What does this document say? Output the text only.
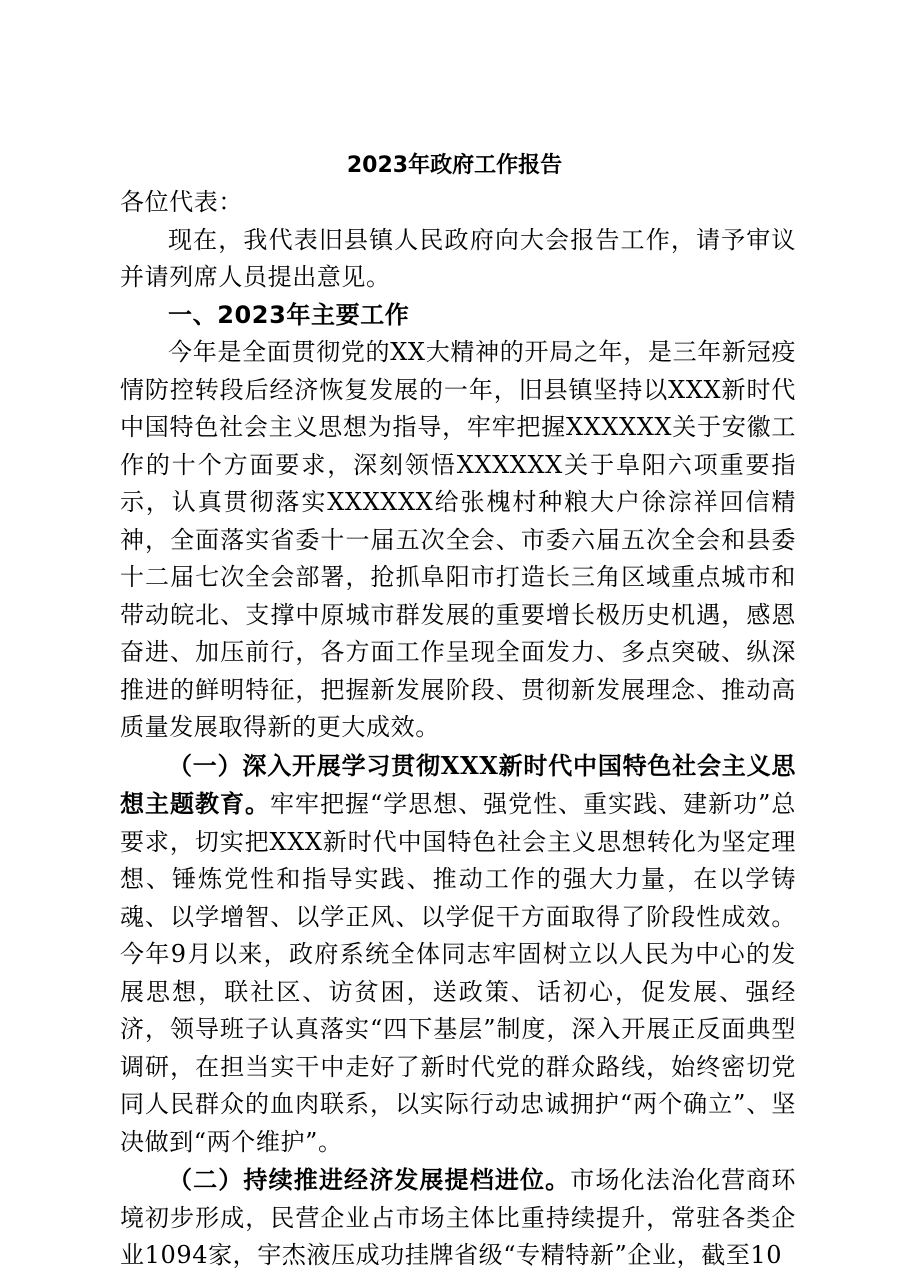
2023年政府工作报告

各位代表：

现在，我代表旧县镇人民政府向大会报告工作，请予审议并请列席人员提出意见。

一、2023年主要工作

今年是全面贯彻党的XX大精神的开局之年，是三年新冠疫情防控转段后经济恢复发展的一年，旧县镇坚持以XXX新时代中国特色社会主义思想为指导，牢牢把握XXXXXX关于安徽工作的十个方面要求，深刻领悟XXXXXX关于阜阳六项重要指示，认真贯彻落实XXXXXX给张槐村种粮大户徐淙祥回信精神，全面落实省委十一届五次全会、市委六届五次全会和县委十二届七次全会部署，抢抓阜阳市打造长三角区域重点城市和带动皖北、支撑中原城市群发展的重要增长极历史机遇，感恩奋进、加压前行，各方面工作呈现全面发力、多点突破、纵深推进的鲜明特征，把握新发展阶段、贯彻新发展理念、推动高质量发展取得新的更大成效。

（一）深入开展学习贯彻XXX新时代中国特色社会主义思想主题教育。牢牢把握“学思想、强党性、重实践、建新功”总要求，切实把XXX新时代中国特色社会主义思想转化为坚定理想、锤炼党性和指导实践、推动工作的强大力量，在以学铸魂、以学增智、以学正风、以学促干方面取得了阶段性成效。今年9月以来，政府系统全体同志牢固树立以人民为中心的发展思想，联社区、访贫困，送政策、话初心，促发展、强经济，领导班子认真落实“四下基层”制度，深入开展正反面典型调研，在担当实干中走好了新时代党的群众路线，始终密切党同人民群众的血肉联系，以实际行动忠诚拥护“两个确立”、坚决做到“两个维护”。

（二）持续推进经济发展提档进位。市场化法治化营商环境初步形成，民营企业占市场主体比重持续提升，常驻各类企业1094家，宇杰液压成功挂牌省级“专精特新”企业，截至10
